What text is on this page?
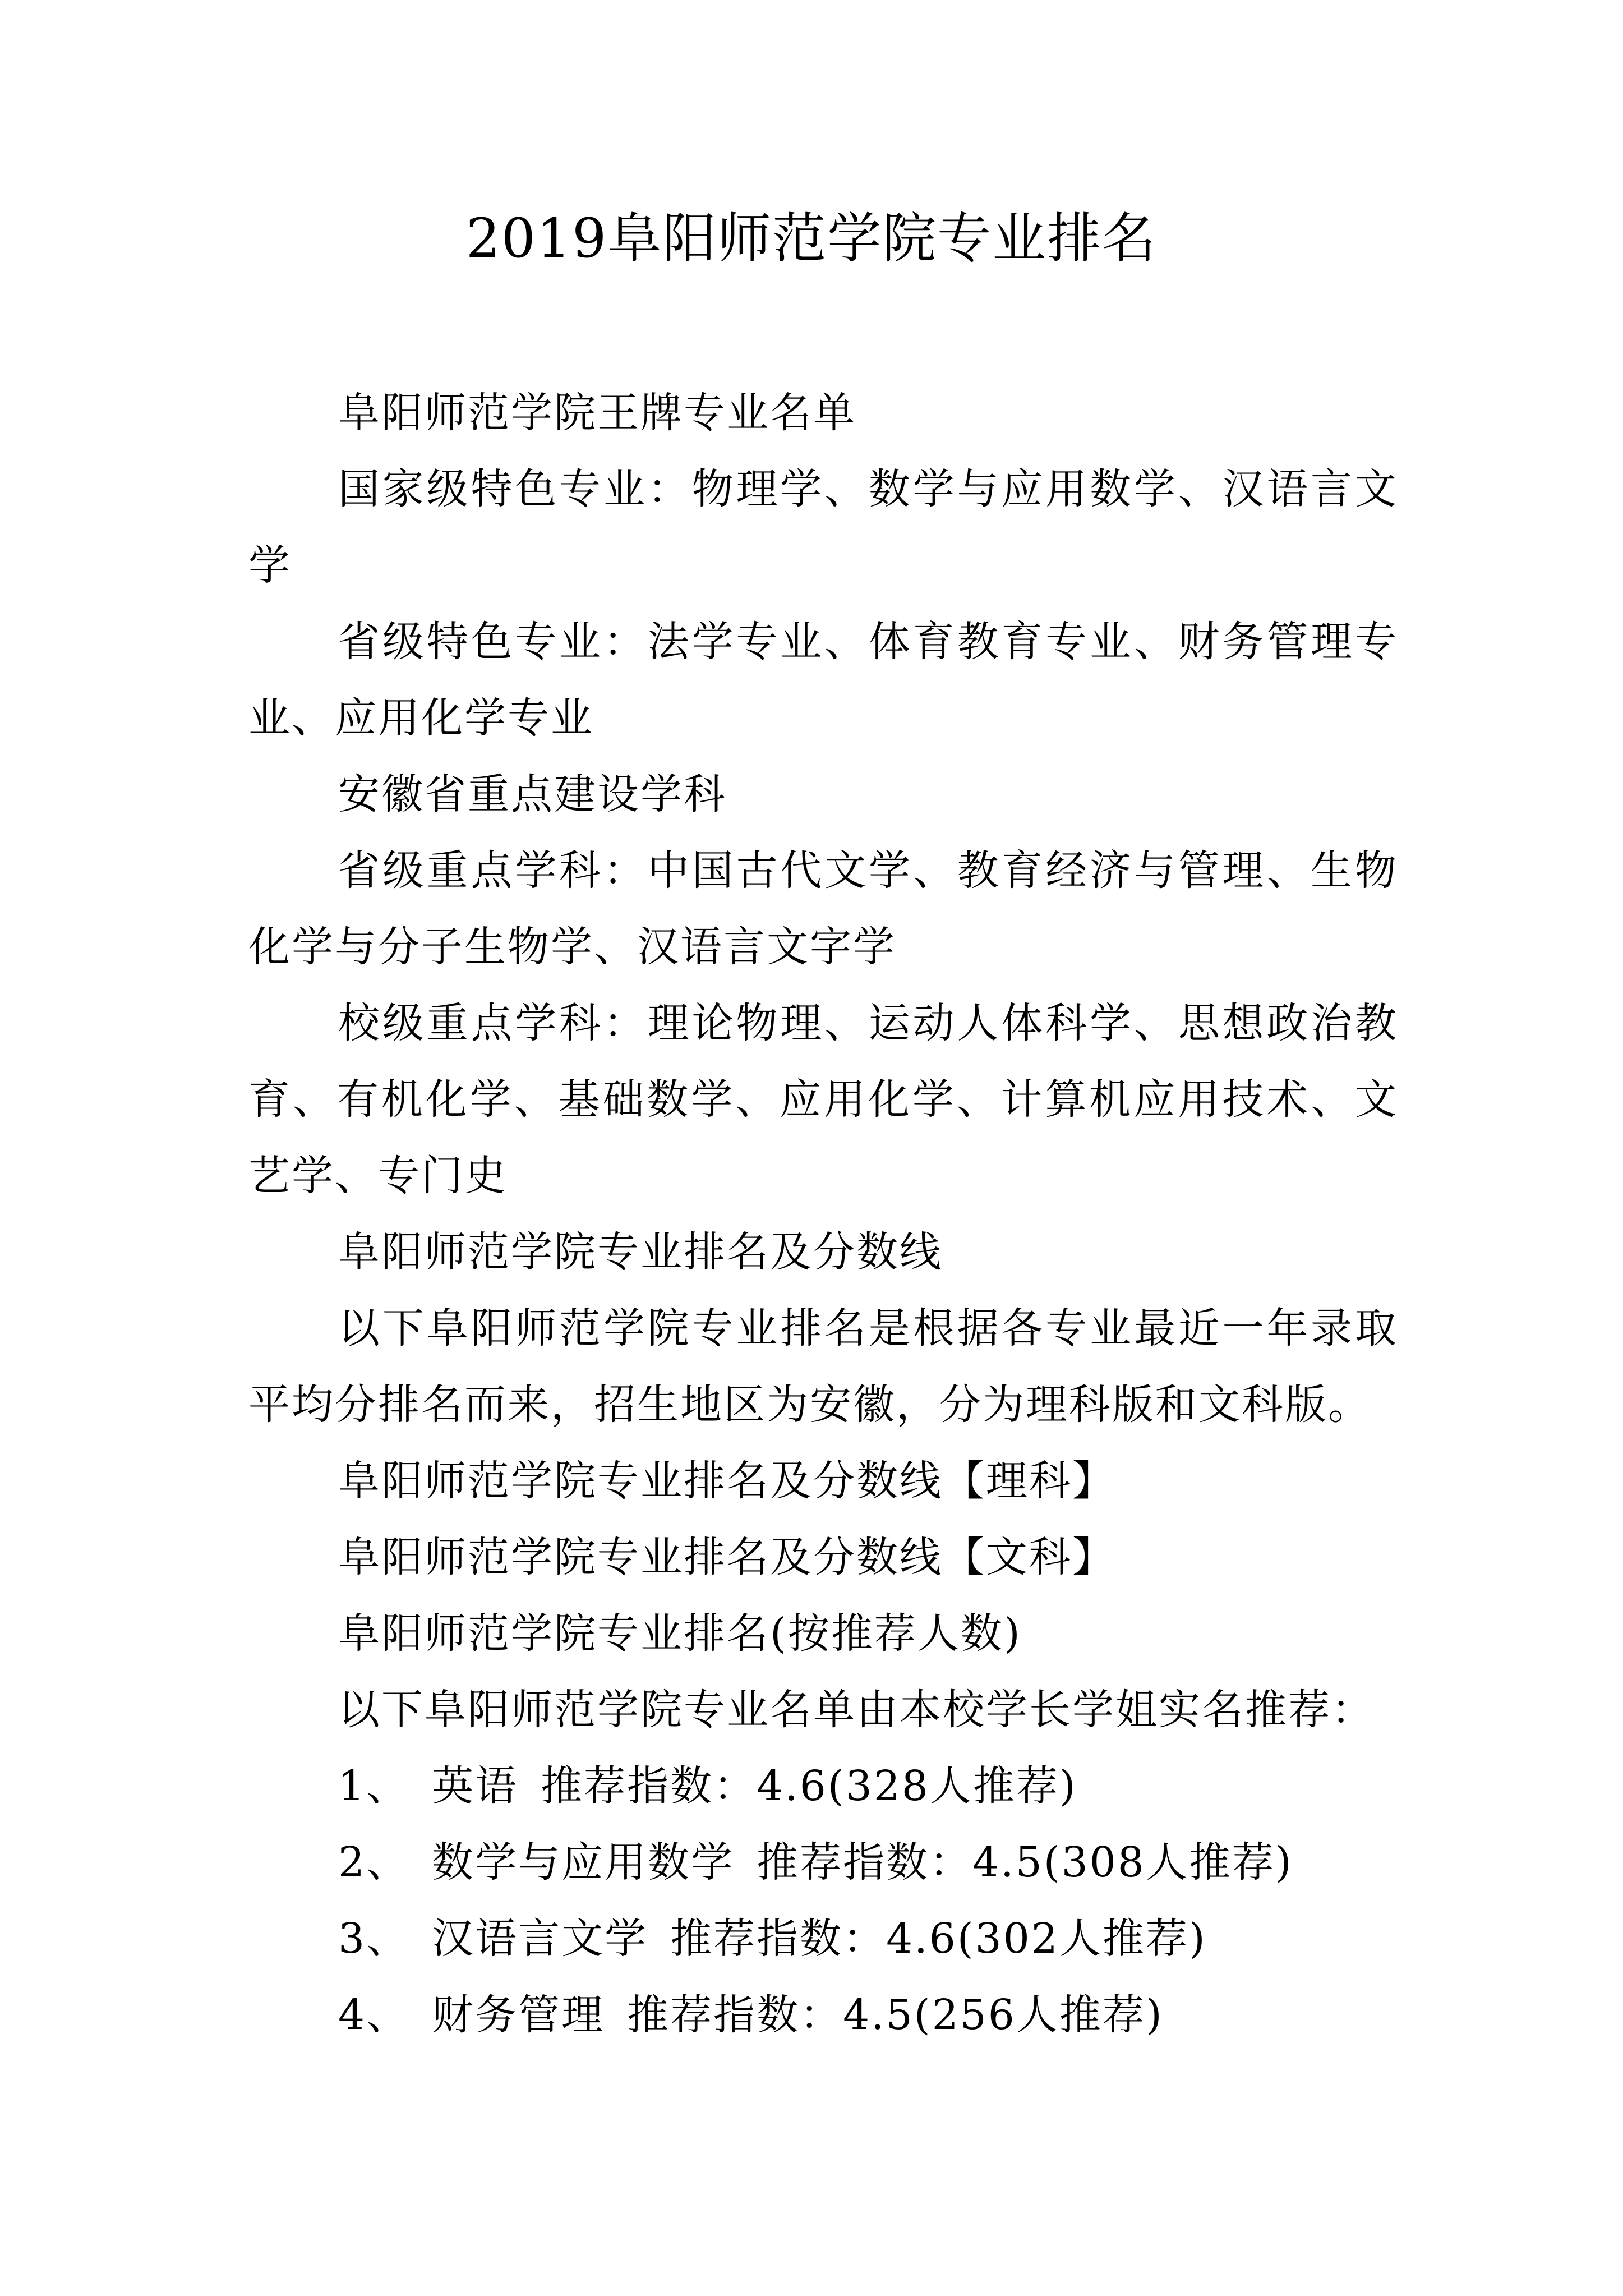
2019阜阳师范学院专业排名

阜阳师范学院王牌专业名单

国家级特色专业：物理学、数学与应用数学、汉语言文学

省级特色专业：法学专业、体育教育专业、财务管理专业、应用化学专业

安徽省重点建设学科

省级重点学科：中国古代文学、教育经济与管理、生物化学与分子生物学、汉语言文字学

校级重点学科：理论物理、运动人体科学、思想政治教育、有机化学、基础数学、应用化学、计算机应用技术、文艺学、专门史

阜阳师范学院专业排名及分数线

以下阜阳师范学院专业排名是根据各专业最近一年录取平均分排名而来，招生地区为安徽，分为理科版和文科版。

阜阳师范学院专业排名及分数线【理科】

阜阳师范学院专业排名及分数线【文科】

阜阳师范学院专业排名(按推荐人数)

以下阜阳师范学院专业名单由本校学长学姐实名推荐：

1、 英语 推荐指数：4.6(328人推荐)

2、 数学与应用数学 推荐指数：4.5(308人推荐)

3、 汉语言文学 推荐指数：4.6(302人推荐)

4、 财务管理 推荐指数：4.5(256人推荐)
